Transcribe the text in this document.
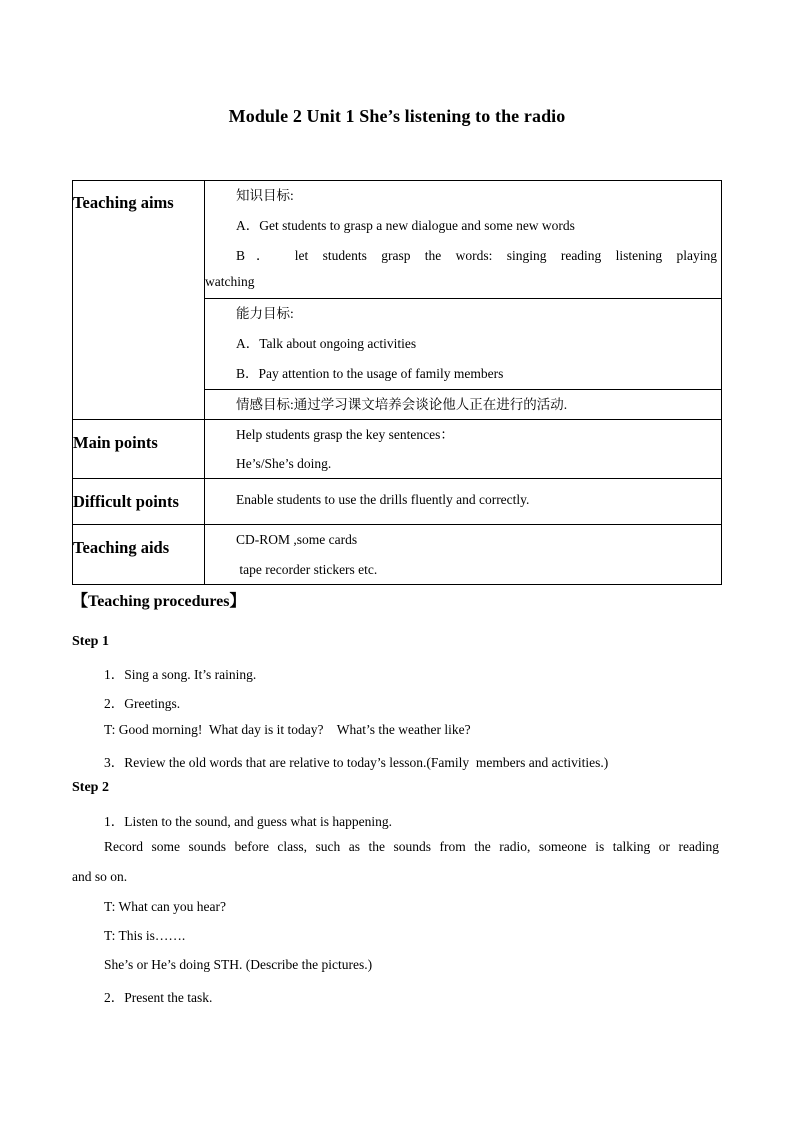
Module 2 Unit 1 She’s listening to the radio
Teaching aims	知识目标:
A．Get students to grasp a new dialogue and some new words
B． let students grasp the words: singing reading listening playing
watching

	能力目标:
A．Talk about ongoing activities
B．Pay attention to the usage of family members

	情感目标:通过学习课文培养会谈论他人正在进行的活动.

Main points	Help students grasp the key sentences：
He’s/She’s doing.

Difficult points	Enable students to use the drills fluently and correctly.

Teaching aids	CD-ROM ,some cards
tape recorder stickers etc.
【Teaching procedures】
Step 1
1．Sing a song. It’s raining.
2．Greetings.
T: Good morning!  What day is it today?    What’s the weather like?
3．Review the old words that are relative to today’s lesson.(Family  members and activities.)
Step 2
1．Listen to the sound, and guess what is happening.
Record some sounds before class, such as the sounds from the radio, someone is talking or reading
and so on.
T: What can you hear?
T: This is…….
She’s or He’s doing STH. (Describe the pictures.)
2．Present the task.
